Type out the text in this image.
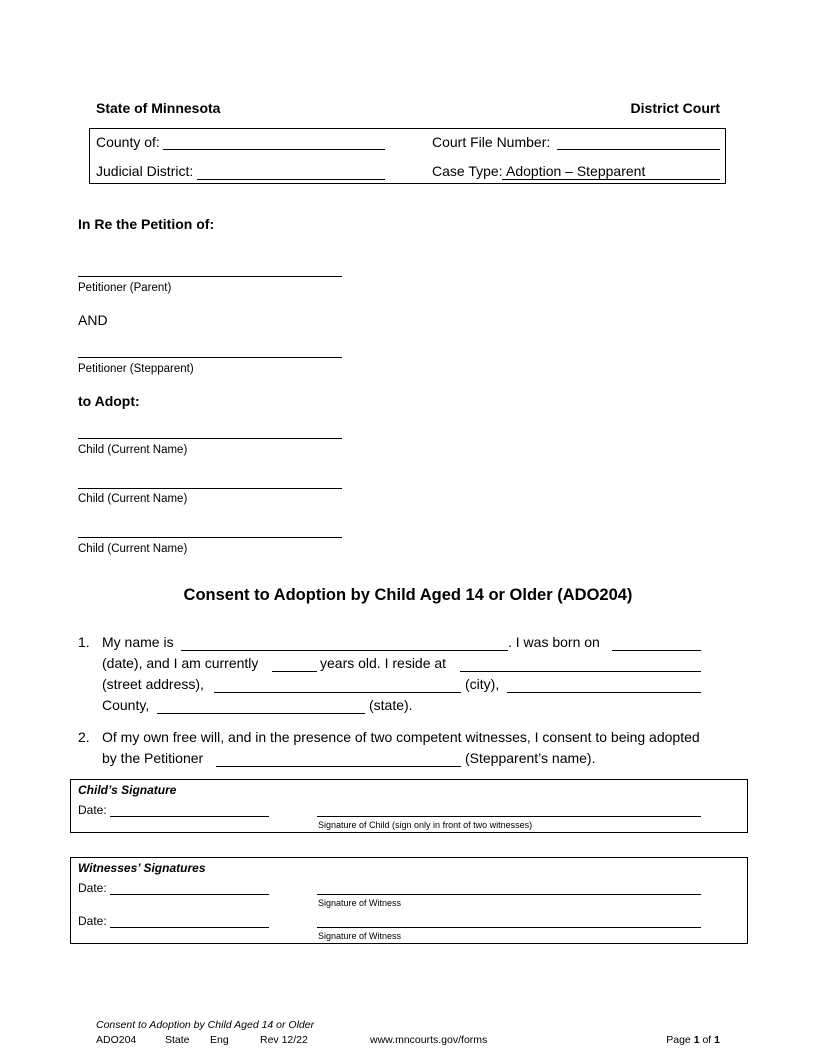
State of Minnesota	District Court
County of:	Court File Number:
Judicial District:	Case Type: Adoption – Stepparent
In Re the Petition of:
Petitioner (Parent)
AND
Petitioner (Stepparent)
to Adopt:
Child (Current Name)
Child (Current Name)
Child (Current Name)
Consent to Adoption by Child Aged 14 or Older (ADO204)
1. My name is	. I was born on
(date), and I am currently	years old. I reside at
(street address),	(city),
County,	(state).
2. Of my own free will, and in the presence of two competent witnesses, I consent to being adopted
by the Petitioner	(Stepparent’s name).
Child’s Signature
Date:
Signature of Child (sign only in front of two witnesses)
Witnesses’ Signatures
Date:
Signature of Witness
Date:
Signature of Witness
Consent to Adoption by Child Aged 14 or Older
ADO204	State Eng	Rev 12/22	www.mncourts.gov/forms	Page 1 of 1
